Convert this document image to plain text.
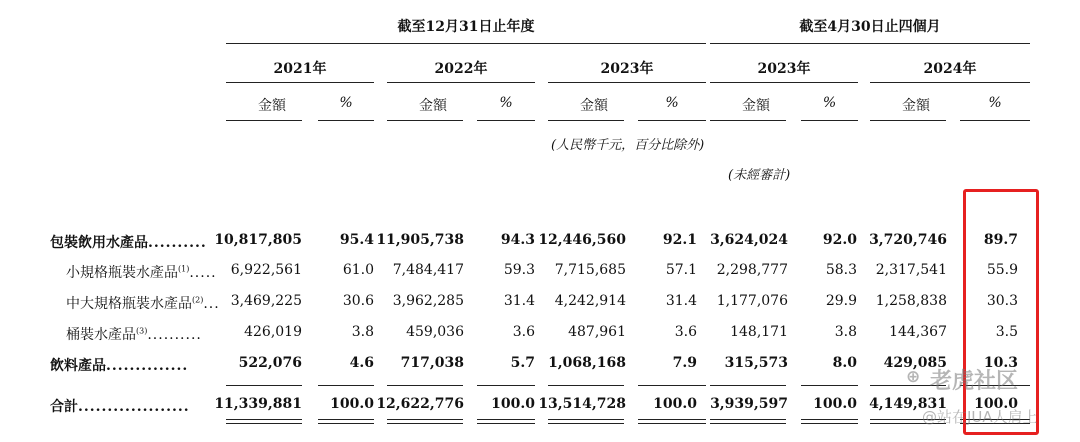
截至12月31日止年度	截至4月30日止四個月
2021年	2022年	2023年	2023年	2024年
金額	%	金額	%	金額	%	金額	%	金額	%
(人民幣千元，百分比除外)
(未經審計)
包裝飲用水產品.......... 10,817,805	95.4 11,905,738	94.3 12,446,560	92.1 3,624,024	92.0 3,720,746	89.7
小規格瓶裝水產品$^{(1)}$.....	6,922,561	61.0	7,484,417	59.3	7,715,685	57.1	2,298,777	58.3	2,317,541	55.9
中大規格瓶裝水產品$^{(2)}$... 3,469,225	30.6	3,962,285	31.4	4,242,914	31.4	1,177,076	29.9	1,258,838	30.3
桶裝水產品$^{(3)}$..........	426,019	3.8	459,036	3.6	487,961	3.6	148,171	3.8	144,367	3.5
飲料產品..............	522,076	4.6	717,038	5.7 1,068,168	7.9	315,573	8.0	429,085	10.3
合計...................	11,339,881	100.0 12,622,776	100.0 13,514,728	100.0 3,939,597	100.0 4,149,831	100.0
⊕ 老虎社区
@站在JUA人肩上
